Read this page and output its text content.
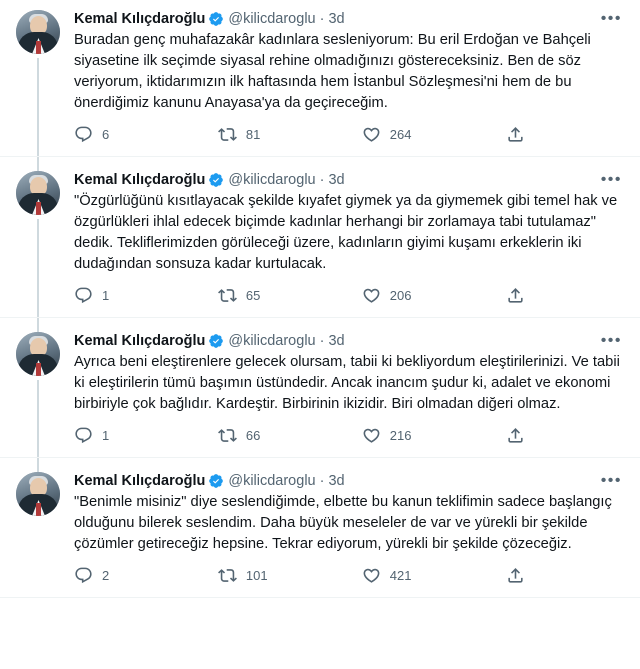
Kemal Kılıçdaroğlu @kilicdaroglu · 3d	•••
Buradan genç muhafazakâr kadınlara sesleniyorum: Bu eril Erdoğan ve Bahçeli siyasetine ilk seçimde siyasal rehine olmadığınızı göstereceksiniz. Ben de söz veriyorum, iktidarımızın ilk haftasında hem İstanbul Sözleşmesi'ni hem de bu önerdiğimiz kanunu Anayasa'ya da geçireceğim.
6	81	264
Kemal Kılıçdaroğlu @kilicdaroglu · 3d	•••
"Özgürlüğünü kısıtlayacak şekilde kıyafet giymek ya da giymemek gibi temel hak ve özgürlükleri ihlal edecek biçimde kadınlar herhangi bir zorlamaya tabi tutulamaz" dedik. Tekliflerimizden görüleceği üzere, kadınların giyimi kuşamı erkeklerin iki dudağından sonsuza kadar kurtulacak.
1	65	206
Kemal Kılıçdaroğlu @kilicdaroglu · 3d	•••
Ayrıca beni eleştirenlere gelecek olursam, tabii ki bekliyordum eleştirilerinizi. Ve tabii ki eleştirilerin tümü başımın üstündedir. Ancak inancım şudur ki, adalet ve ekonomi birbiriyle çok bağlıdır. Kardeştir. Birbirinin ikizidir. Biri olmadan diğeri olmaz.
1	66	216
Kemal Kılıçdaroğlu @kilicdaroglu · 3d	•••
"Benimle misiniz" diye seslendiğimde, elbette bu kanun teklifimin sadece başlangıç olduğunu bilerek seslendim. Daha büyük meseleler de var ve yürekli bir şekilde çözümler getireceğiz hepsine. Tekrar ediyorum, yürekli bir şekilde çözeceğiz.
2	101	421
